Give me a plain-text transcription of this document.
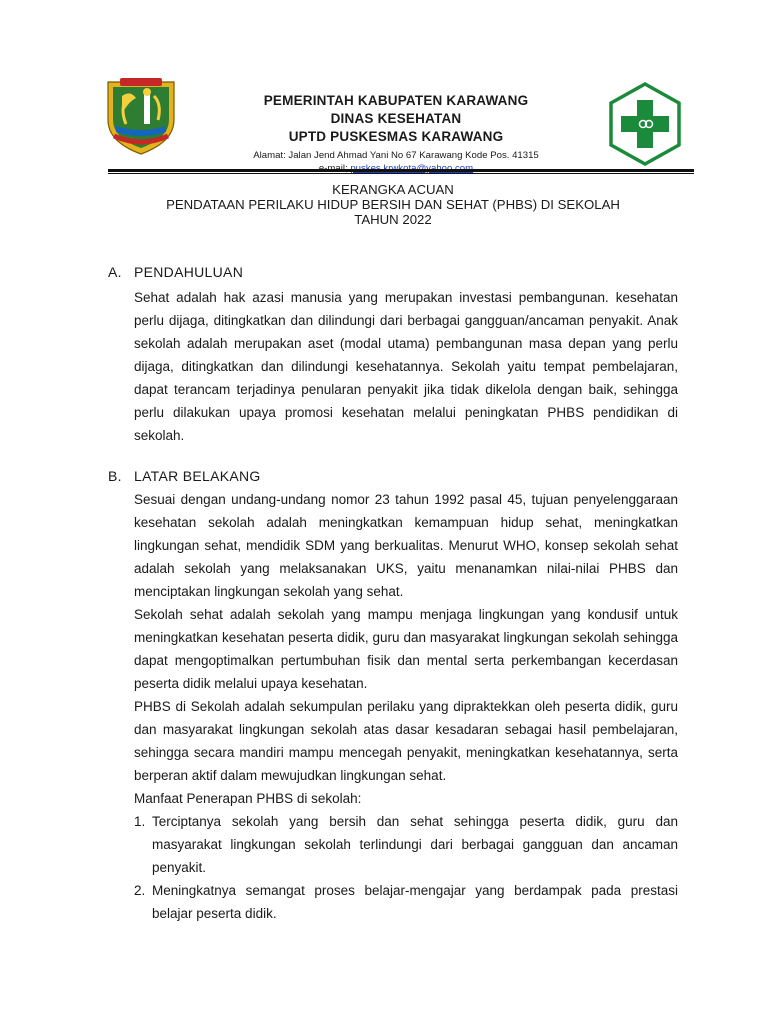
PEMERINTAH KABUPATEN KARAWANG
DINAS KESEHATAN
UPTD PUSKESMAS KARAWANG
Alamat: Jalan Jend Ahmad Yani No 67 Karawang Kode Pos. 41315
e-mail; puskes.krwkota@yahoo.com
KERANGKA ACUAN
PENDATAAN PERILAKU HIDUP BERSIH DAN SEHAT (PHBS) DI SEKOLAH
TAHUN 2022
A. PENDAHULUAN

Sehat adalah hak azasi manusia yang merupakan investasi pembangunan. kesehatan perlu dijaga, ditingkatkan dan dilindungi dari berbagai gangguan/ancaman penyakit. Anak sekolah adalah merupakan aset (modal utama) pembangunan masa depan yang perlu dijaga, ditingkatkan dan dilindungi kesehatannya. Sekolah yaitu tempat pembelajaran, dapat terancam terjadinya penularan penyakit jika tidak dikelola dengan baik, sehingga perlu dilakukan upaya promosi kesehatan melalui peningkatan PHBS pendidikan di sekolah.

B. LATAR BELAKANG

Sesuai dengan undang-undang nomor 23 tahun 1992 pasal 45, tujuan penyelenggaraan kesehatan sekolah adalah meningkatkan kemampuan hidup sehat, meningkatkan lingkungan sehat, mendidik SDM yang berkualitas. Menurut WHO, konsep sekolah sehat adalah sekolah yang melaksanakan UKS, yaitu menanamkan nilai-nilai PHBS dan menciptakan lingkungan sekolah yang sehat.

Sekolah sehat adalah sekolah yang mampu menjaga lingkungan yang kondusif untuk meningkatkan kesehatan peserta didik, guru dan masyarakat lingkungan sekolah sehingga dapat mengoptimalkan pertumbuhan fisik dan mental serta perkembangan kecerdasan peserta didik melalui upaya kesehatan.

PHBS di Sekolah adalah sekumpulan perilaku yang dipraktekkan oleh peserta didik, guru dan masyarakat lingkungan sekolah atas dasar kesadaran sebagai hasil pembelajaran, sehingga secara mandiri mampu mencegah penyakit, meningkatkan kesehatannya, serta berperan aktif dalam mewujudkan lingkungan sehat.

Manfaat Penerapan PHBS di sekolah:

1. Terciptanya sekolah yang bersih dan sehat sehingga peserta didik, guru dan masyarakat lingkungan sekolah terlindungi dari berbagai gangguan dan ancaman penyakit.
2. Meningkatnya semangat proses belajar-mengajar yang berdampak pada prestasi belajar peserta didik.
